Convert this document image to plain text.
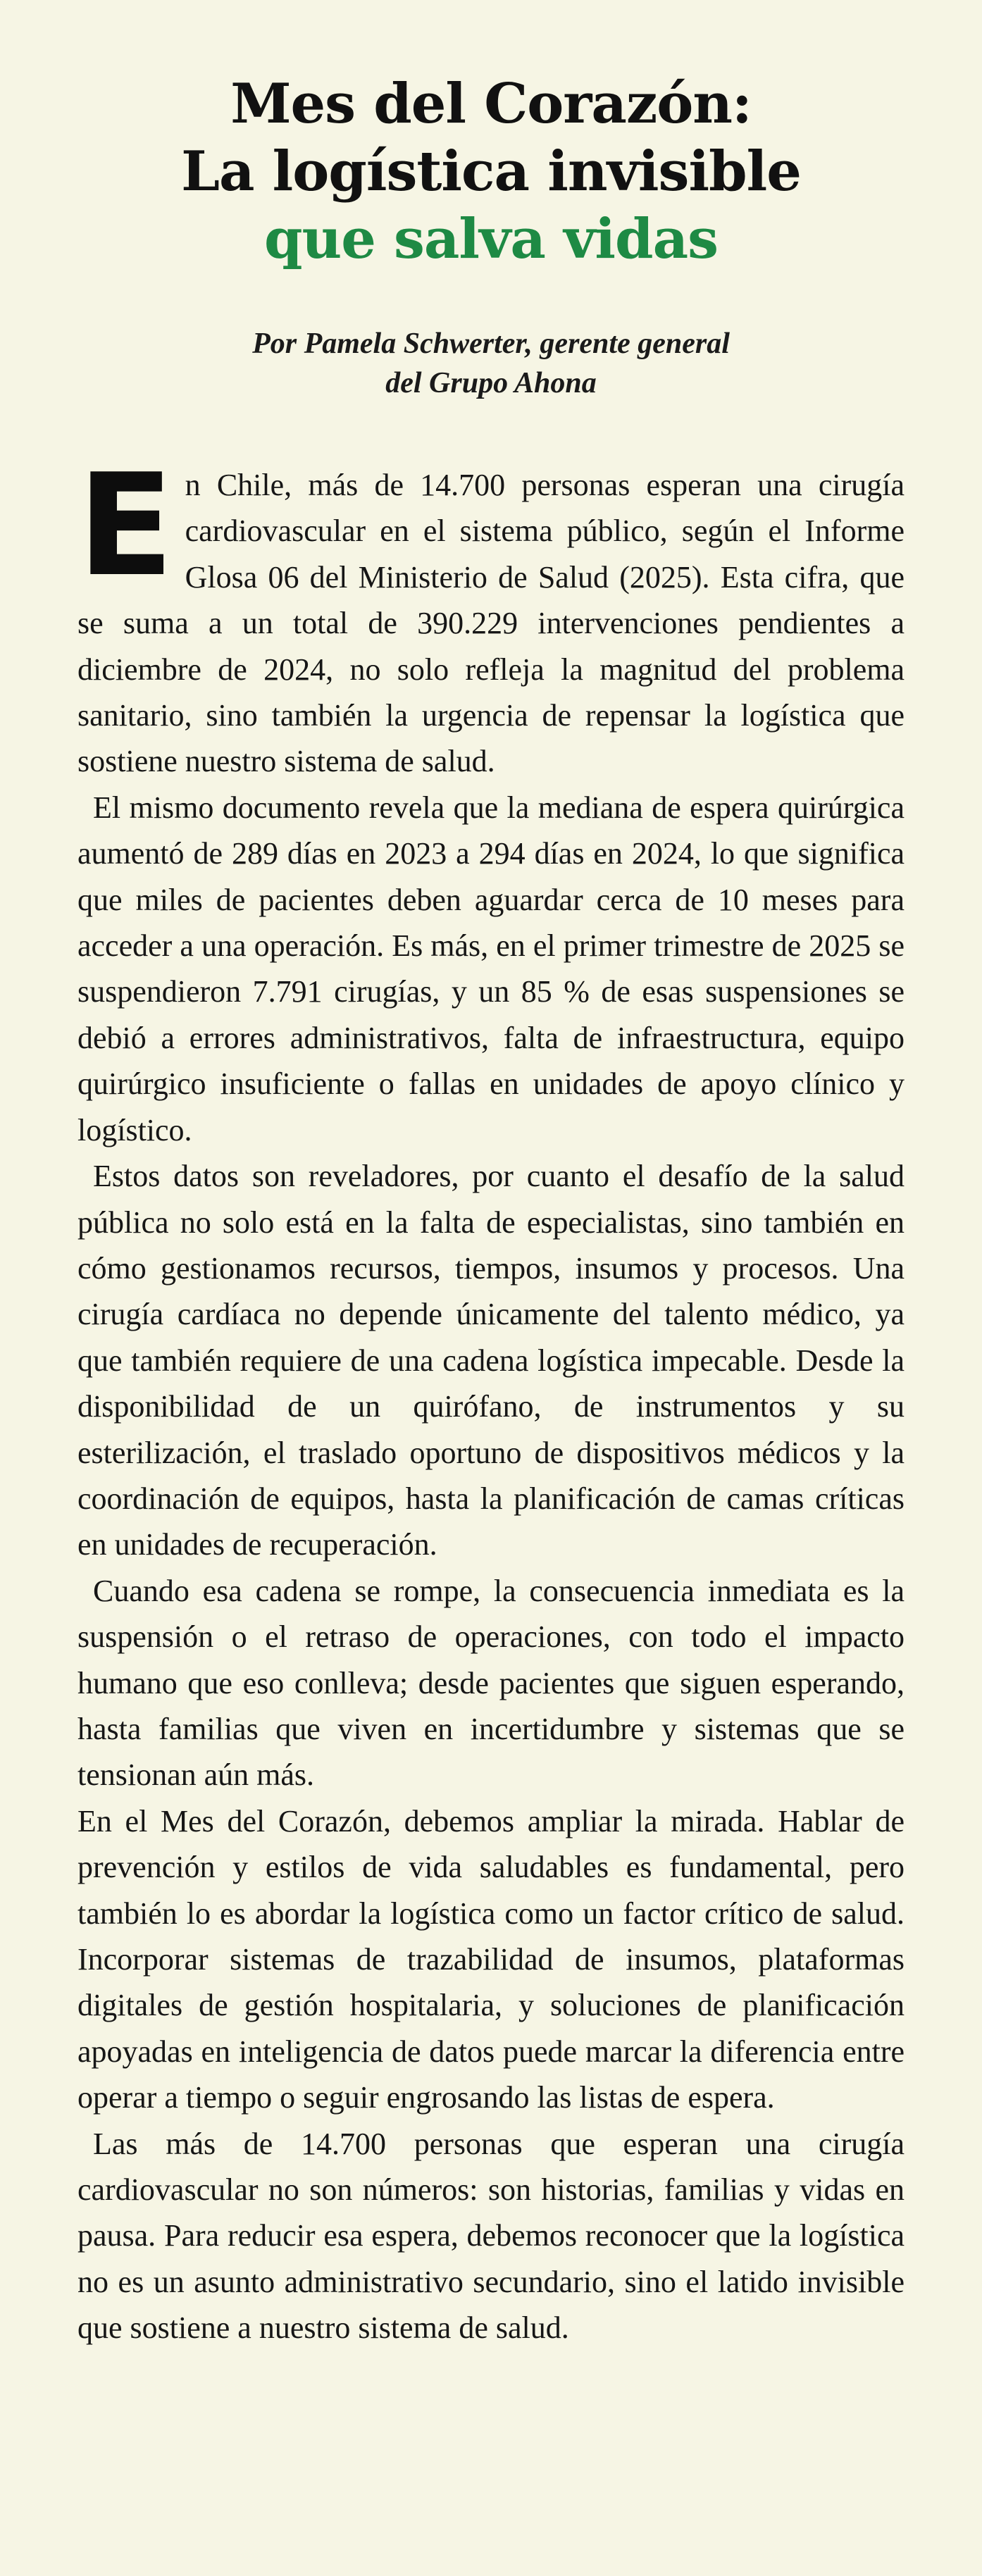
Mes del Corazón:
La logística invisible
que salva vidas
Por Pamela Schwerter, gerente general
del Grupo Ahona

En Chile, más de 14.700 personas esperan una cirugía cardiovascular en el sistema público, según el Informe Glosa 06 del Ministerio de Salud (2025). Esta cifra, que se suma a un total de 390.229 intervenciones pendientes a diciembre de 2024, no solo refleja la magnitud del problema sanitario, sino también la urgencia de repensar la logística que sostiene nuestro sistema de salud.

El mismo documento revela que la mediana de espera quirúrgica aumentó de 289 días en 2023 a 294 días en 2024, lo que significa que miles de pacientes deben aguardar cerca de 10 meses para acceder a una operación. Es más, en el primer trimestre de 2025 se suspendieron 7.791 cirugías, y un 85 % de esas suspensiones se debió a errores administrativos, falta de infraestructura, equipo quirúrgico insuficiente o fallas en unidades de apoyo clínico y logístico.

Estos datos son reveladores, por cuanto el desafío de la salud pública no solo está en la falta de especialistas, sino también en cómo gestionamos recursos, tiempos, insumos y procesos. Una cirugía cardíaca no depende únicamente del talento médico, ya que también requiere de una cadena logística impecable. Desde la disponibilidad de un quirófano, de instrumentos y su esterilización, el traslado oportuno de dispositivos médicos y la coordinación de equipos, hasta la planificación de camas críticas en unidades de recuperación.

Cuando esa cadena se rompe, la consecuencia inmediata es la suspensión o el retraso de operaciones, con todo el impacto humano que eso conlleva; desde pacientes que siguen esperando, hasta familias que viven en incertidumbre y sistemas que se tensionan aún más.

En el Mes del Corazón, debemos ampliar la mirada. Hablar de prevención y estilos de vida saludables es fundamental, pero también lo es abordar la logística como un factor crítico de salud. Incorporar sistemas de trazabilidad de insumos, plataformas digitales de gestión hospitalaria, y soluciones de planificación apoyadas en inteligencia de datos puede marcar la diferencia entre operar a tiempo o seguir engrosando las listas de espera.

Las más de 14.700 personas que esperan una cirugía cardiovascular no son números: son historias, familias y vidas en pausa. Para reducir esa espera, debemos reconocer que la logística no es un asunto administrativo secundario, sino el latido invisible que sostiene a nuestro sistema de salud.
